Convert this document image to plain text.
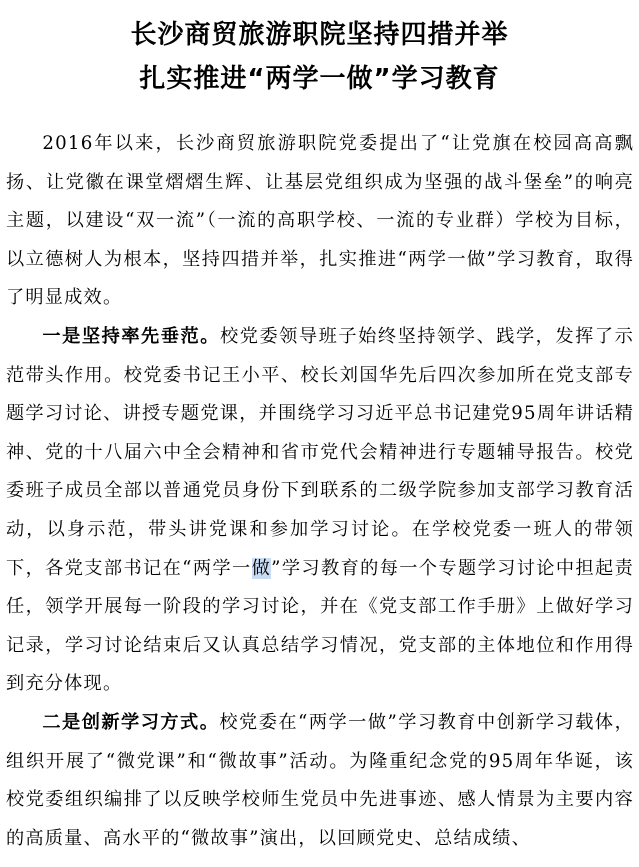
长沙商贸旅游职院坚持四措并举
扎实推进“两学一做”学习教育

2016年以来，长沙商贸旅游职院党委提出了“让党旗在校园高高飘扬、让党徽在课堂熠熠生辉、让基层党组织成为坚强的战斗堡垒”的响亮主题，以建设“双一流”（一流的高职学校、一流的专业群）学校为目标，以立德树人为根本，坚持四措并举，扎实推进“两学一做”学习教育，取得了明显成效。

一是坚持率先垂范。校党委领导班子始终坚持领学、践学，发挥了示范带头作用。校党委书记王小平、校长刘国华先后四次参加所在党支部专题学习讨论、讲授专题党课，并围绕学习习近平总书记建党95周年讲话精神、党的十八届六中全会精神和省市党代会精神进行专题辅导报告。校党委班子成员全部以普通党员身份下到联系的二级学院参加支部学习教育活动，以身示范，带头讲党课和参加学习讨论。在学校党委一班人的带领下，各党支部书记在“两学一做”学习教育的每一个专题学习讨论中担起责任，领学开展每一阶段的学习讨论，并在《党支部工作手册》上做好学习记录，学习讨论结束后又认真总结学习情况，党支部的主体地位和作用得到充分体现。

二是创新学习方式。校党委在“两学一做”学习教育中创新学习载体，组织开展了“微党课”和“微故事”活动。为隆重纪念党的95周年华诞，该校党委组织编排了以反映学校师生党员中先进事迹、感人情景为主要内容的高质量、高水平的“微故事”演出，以回顾党史、总结成绩、
